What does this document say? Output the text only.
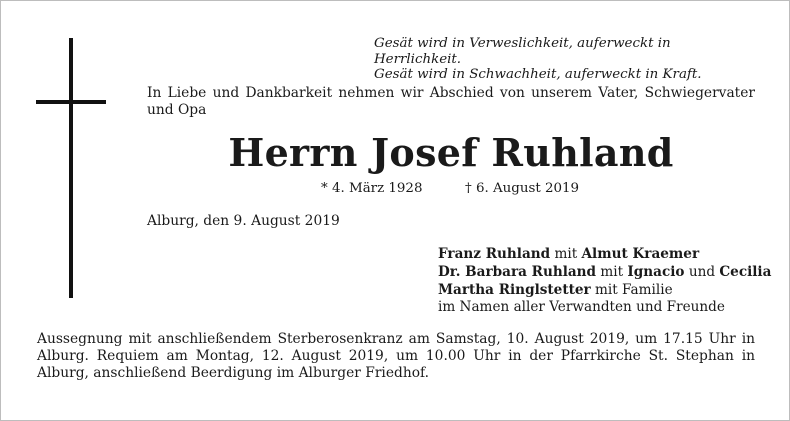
Gesät wird in Verweslichkeit, auferweckt in Herrlichkeit.
Gesät wird in Schwachheit, auferweckt in Kraft.
In Liebe und Dankbarkeit nehmen wir Abschied von unserem Vater, Schwiegervater und Opa
Herrn Josef Ruhland
* 4. März 1928	† 6. August 2019
Alburg, den 9. August 2019
Franz Ruhland mit Almut Kraemer
Dr. Barbara Ruhland mit Ignacio und Cecilia
Martha Ringlstetter mit Familie
im Namen aller Verwandten und Freunde
Aussegnung mit anschließendem Sterberosenkranz am Samstag, 10. August 2019, um 17.15 Uhr in Alburg. Requiem am Montag, 12. August 2019, um 10.00 Uhr in der Pfarrkirche St. Stephan in Alburg, anschließend Beerdigung im Alburger Friedhof.
